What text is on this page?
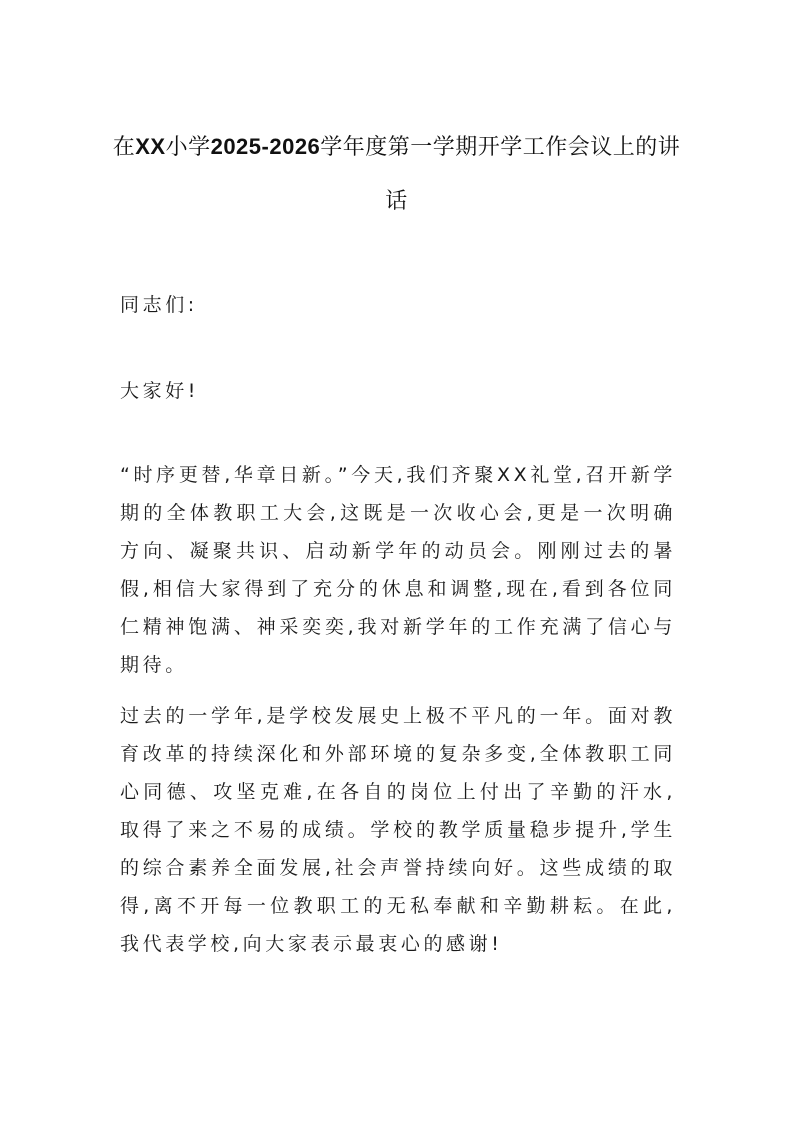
在XX小学2025-2026学年度第一学期开学工作会议上的讲话

同志们:

大家好!

“时序更替,华章日新。”今天,我们齐聚XX礼堂,召开新学期的全体教职工大会,这既是一次收心会,更是一次明确方向、凝聚共识、启动新学年的动员会。刚刚过去的暑假,相信大家得到了充分的休息和调整,现在,看到各位同仁精神饱满、神采奕奕,我对新学年的工作充满了信心与期待。

过去的一学年,是学校发展史上极不平凡的一年。面对教育改革的持续深化和外部环境的复杂多变,全体教职工同心同德、攻坚克难,在各自的岗位上付出了辛勤的汗水,取得了来之不易的成绩。学校的教学质量稳步提升,学生的综合素养全面发展,社会声誉持续向好。这些成绩的取得,离不开每一位教职工的无私奉献和辛勤耕耘。在此,我代表学校,向大家表示最衷心的感谢!
